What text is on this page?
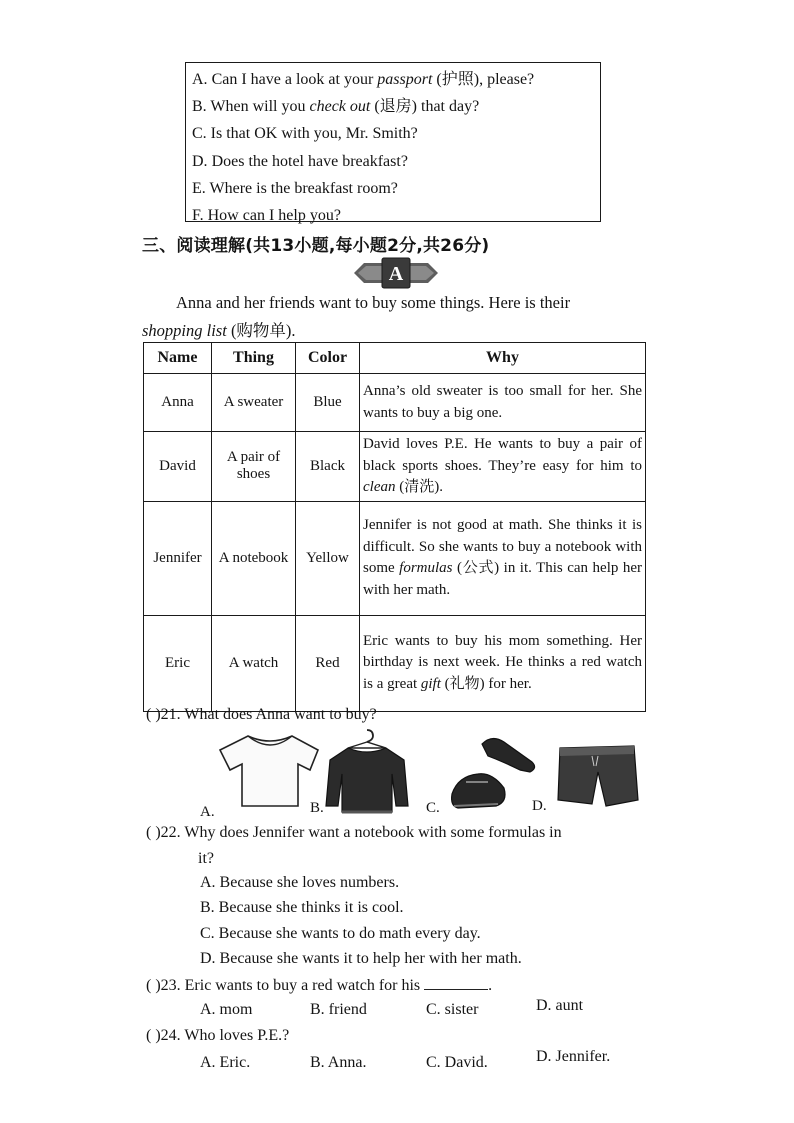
A. Can I have a look at your passport (护照), please?
B. When will you check out (退房) that day?
C. Is that OK with you, Mr. Smith?
D. Does the hotel have breakfast?
E. Where is the breakfast room?
F. How can I help you?
三、阅读理解(共13小题,每小题2分,共26分)
A
Anna and her friends want to buy some things. Here is their
shopping list (购物单).
Name	Thing	Color	Why
Anna	A sweater	Blue	Anna’s old sweater is too small for her. She wants to buy a big one.
David	A pair of shoes	Black	David loves P.E. He wants to buy a pair of black sports shoes. They’re easy for him to clean (清洗).
Jennifer	A notebook	Yellow	Jennifer is not good at math. She thinks it is difficult. So she wants to buy a notebook with some formulas (公式) in it. This can help her with her math.
Eric	A watch	Red	Eric wants to buy his mom something. Her birthday is next week. He thinks a red watch is a great gift (礼物) for her.
( )21. What does Anna want to buy?
A.	B.	C.	D.
( )22. Why does Jennifer want a notebook with some formulas in
it?
A. Because she loves numbers.
B. Because she thinks it is cool.
C. Because she wants to do math every day.
D. Because she wants it to help her with her math.
( )23. Eric wants to buy a red watch for his	.
A. mom	B. friend	C. sister	D. aunt
( )24. Who loves P.E.?
A. Eric.	B. Anna.	C. David.	D. Jennifer.
